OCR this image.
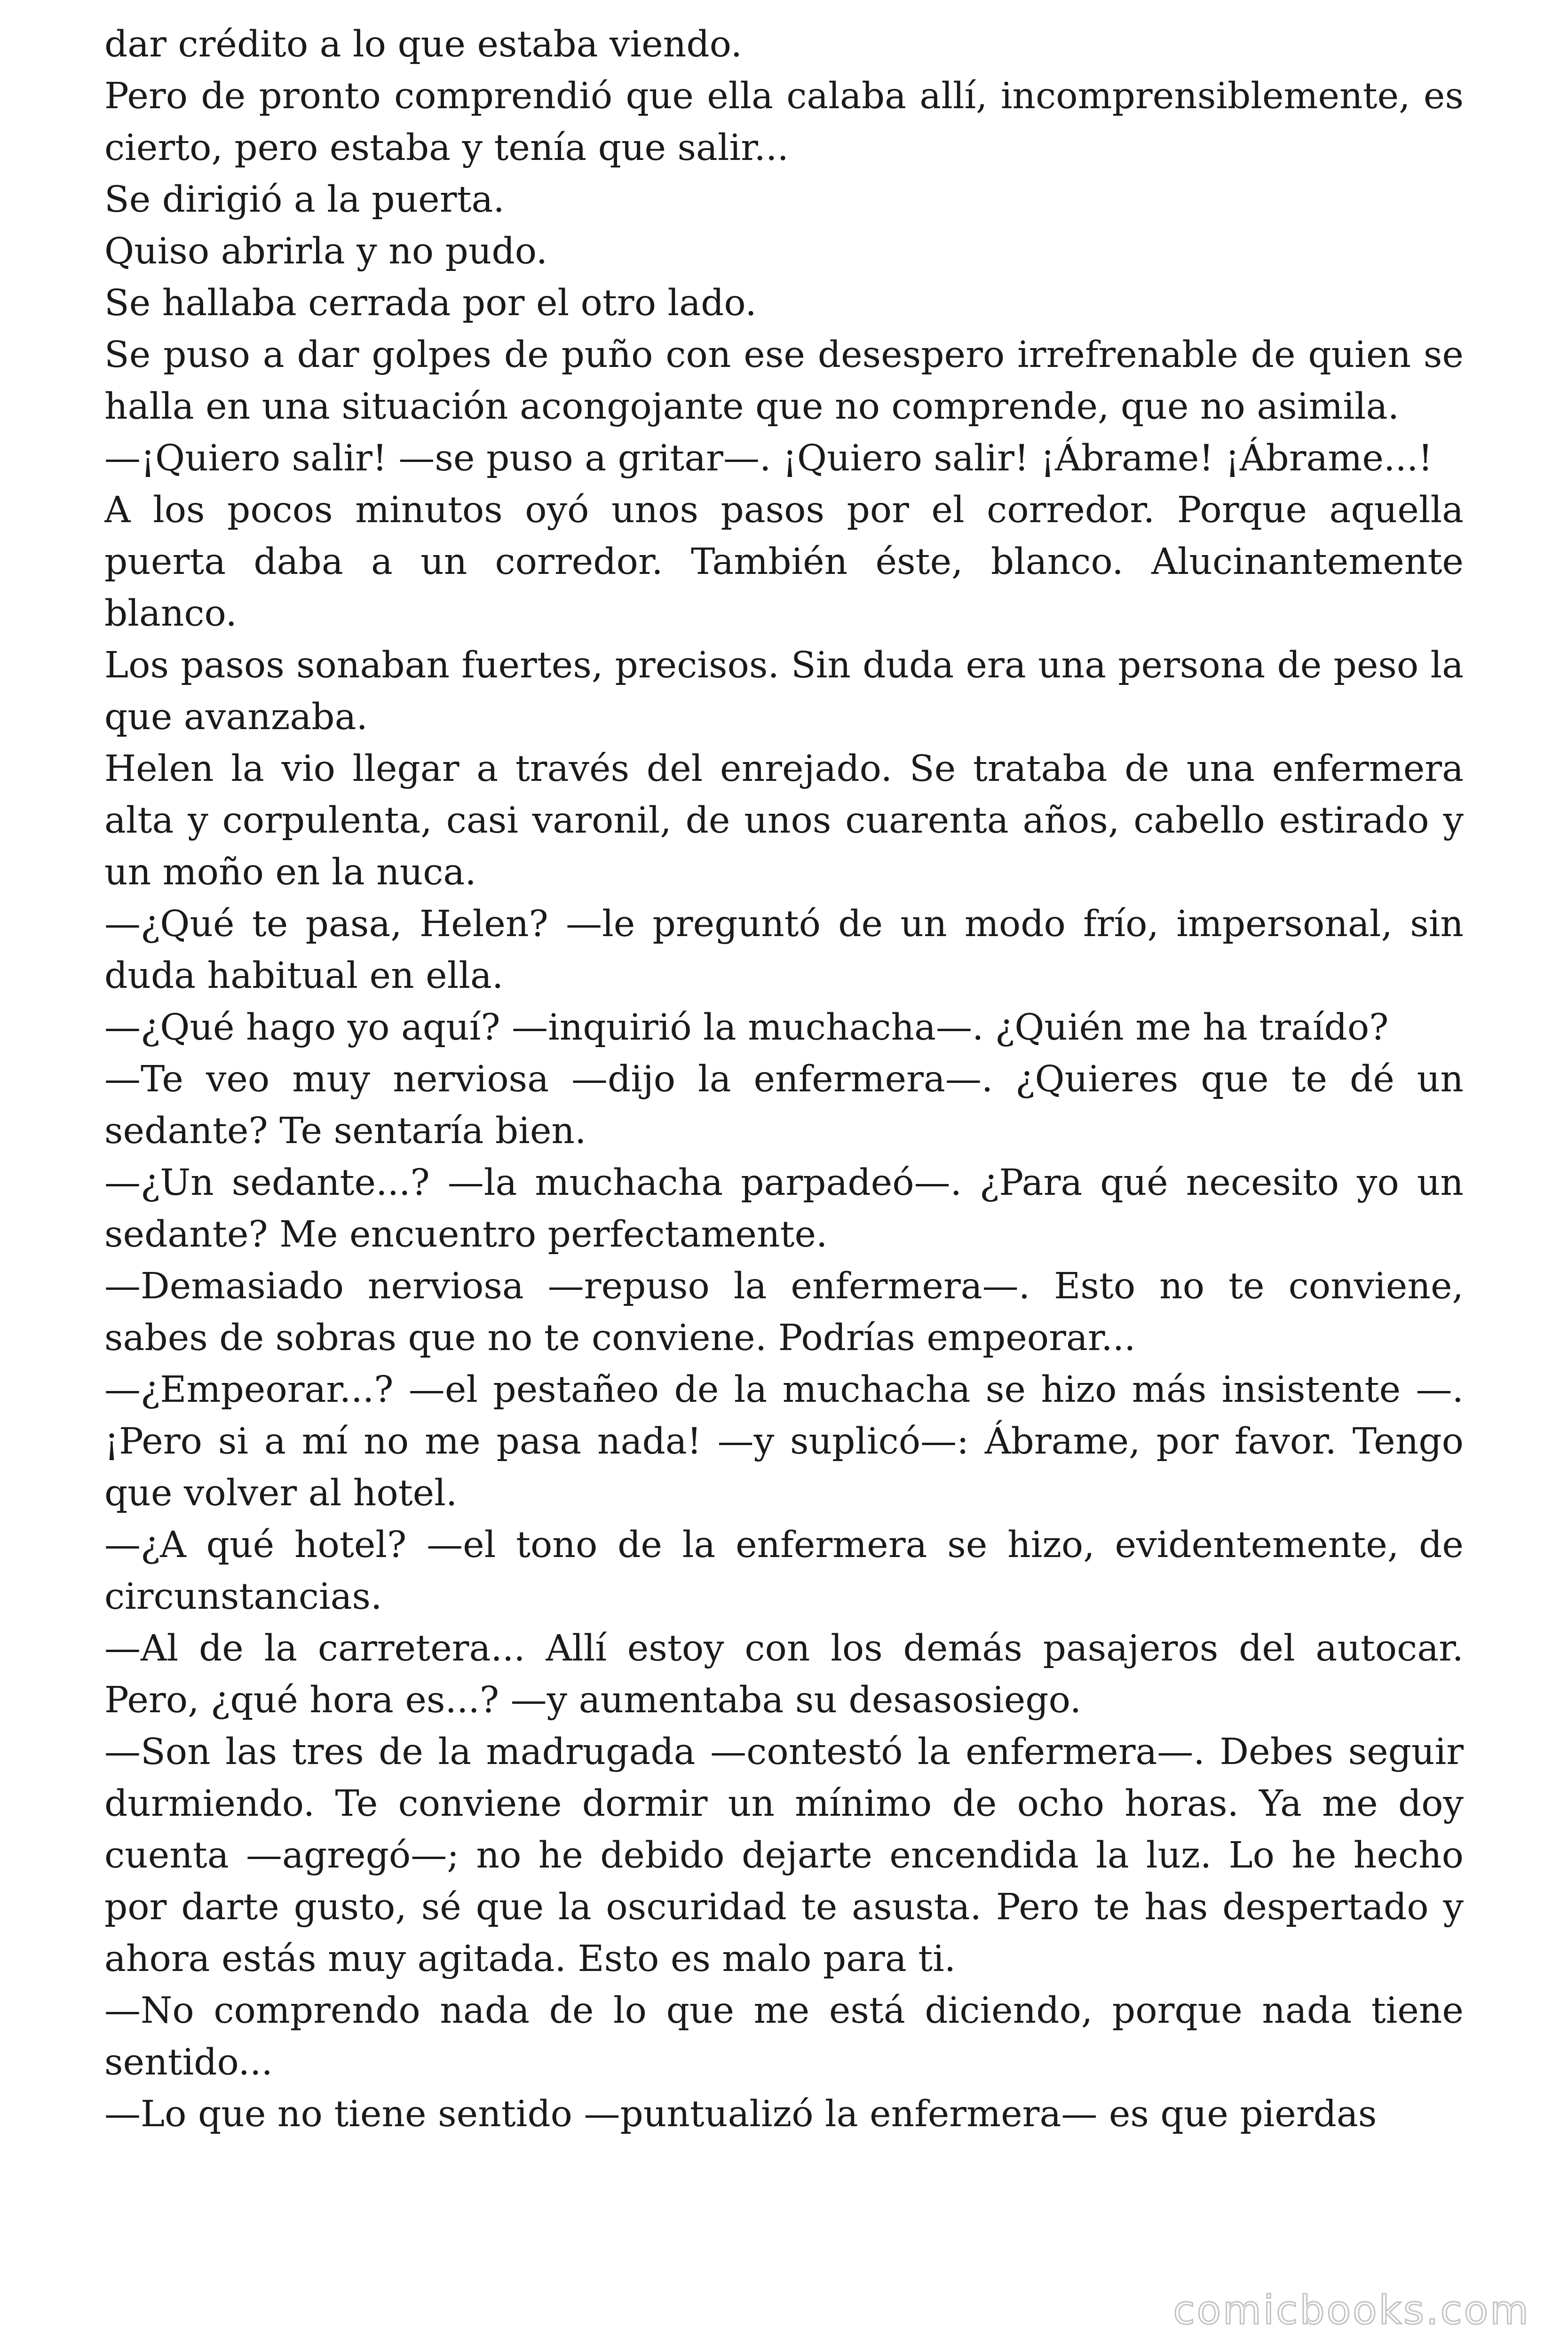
dar crédito a lo que estaba viendo.

Pero de pronto comprendió que ella calaba allí, incomprensiblemente, es cierto, pero estaba y tenía que salir...

Se dirigió a la puerta.

Quiso abrirla y no pudo.

Se hallaba cerrada por el otro lado.

Se puso a dar golpes de puño con ese desespero irrefrenable de quien se halla en una situación acongojante que no comprende, que no asimila.

—¡Quiero salir! —se puso a gritar—. ¡Quiero salir! ¡Ábrame! ¡Ábrame...!

A los pocos minutos oyó unos pasos por el corredor. Porque aquella puerta daba a un corredor. También éste, blanco. Alucinantemente blanco.

Los pasos sonaban fuertes, precisos. Sin duda era una persona de peso la que avanzaba.

Helen la vio llegar a través del enrejado. Se trataba de una enfermera alta y corpulenta, casi varonil, de unos cuarenta años, cabello estirado y un moño en la nuca.

—¿Qué te pasa, Helen? —le preguntó de un modo frío, impersonal, sin duda habitual en ella.

—¿Qué hago yo aquí? —inquirió la muchacha—. ¿Quién me ha traído?

—Te veo muy nerviosa —dijo la enfermera—. ¿Quieres que te dé un sedante? Te sentaría bien.

—¿Un sedante...? —la muchacha parpadeó—. ¿Para qué necesito yo un sedante? Me encuentro perfectamente.

—Demasiado nerviosa —repuso la enfermera—. Esto no te conviene, sabes de sobras que no te conviene. Podrías empeorar...

—¿Empeorar...? —el pestañeo de la muchacha se hizo más insistente —. ¡Pero si a mí no me pasa nada! —y suplicó—: Ábrame, por favor. Tengo que volver al hotel.

—¿A qué hotel? —el tono de la enfermera se hizo, evidentemente, de circunstancias.

—Al de la carretera... Allí estoy con los demás pasajeros del autocar. Pero, ¿qué hora es...? —y aumentaba su desasosiego.

—Son las tres de la madrugada —contestó la enfermera—. Debes seguir durmiendo. Te conviene dormir un mínimo de ocho horas. Ya me doy cuenta —agregó—; no he debido dejarte encendida la luz. Lo he hecho por darte gusto, sé que la oscuridad te asusta. Pero te has despertado y ahora estás muy agitada. Esto es malo para ti.

—No comprendo nada de lo que me está diciendo, porque nada tiene sentido...

—Lo que no tiene sentido —puntualizó la enfermera— es que pierdas

comicbooks.com
